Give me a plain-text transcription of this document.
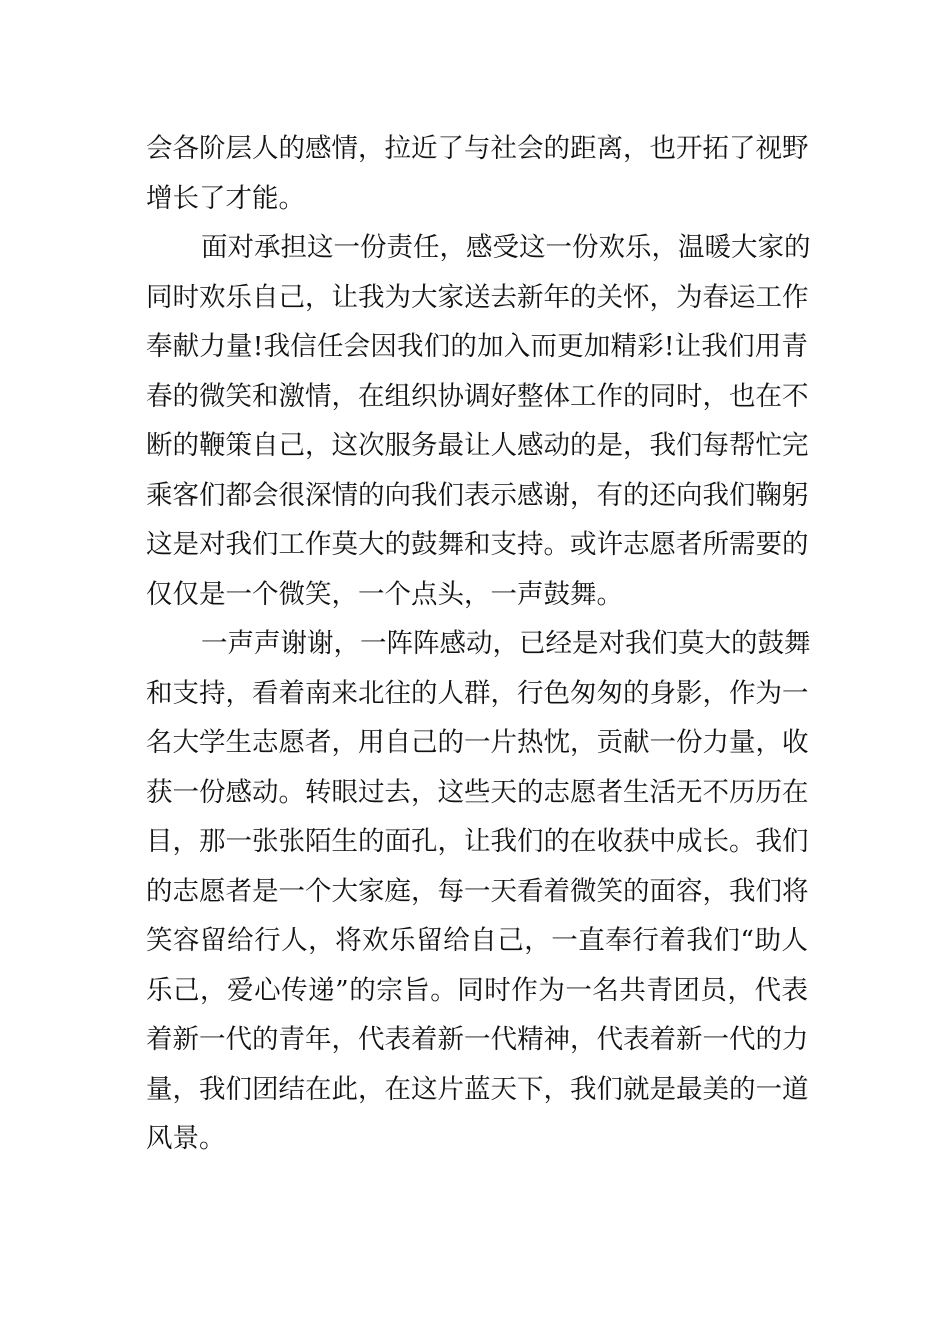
会各阶层人的感情，拉近了与社会的距离，也开拓了视野
增长了才能。
面对承担这一份责任，感受这一份欢乐，温暖大家的
同时欢乐自己，让我为大家送去新年的关怀，为春运工作
奉献力量!我信任会因我们的加入而更加精彩!让我们用青
春的微笑和激情，在组织协调好整体工作的同时，也在不
断的鞭策自己，这次服务最让人感动的是，我们每帮忙完
乘客们都会很深情的向我们表示感谢，有的还向我们鞠躬
这是对我们工作莫大的鼓舞和支持。或许志愿者所需要的
仅仅是一个微笑，一个点头，一声鼓舞。
一声声谢谢，一阵阵感动，已经是对我们莫大的鼓舞
和支持，看着南来北往的人群，行色匆匆的身影，作为一
名大学生志愿者，用自己的一片热忱，贡献一份力量，收
获一份感动。转眼过去，这些天的志愿者生活无不历历在
目，那一张张陌生的面孔，让我们的在收获中成长。我们
的志愿者是一个大家庭，每一天看着微笑的面容，我们将
笑容留给行人，将欢乐留给自己，一直奉行着我们“助人
乐己，爱心传递”的宗旨。同时作为一名共青团员，代表
着新一代的青年，代表着新一代精神，代表着新一代的力
量，我们团结在此，在这片蓝天下，我们就是最美的一道
风景。
